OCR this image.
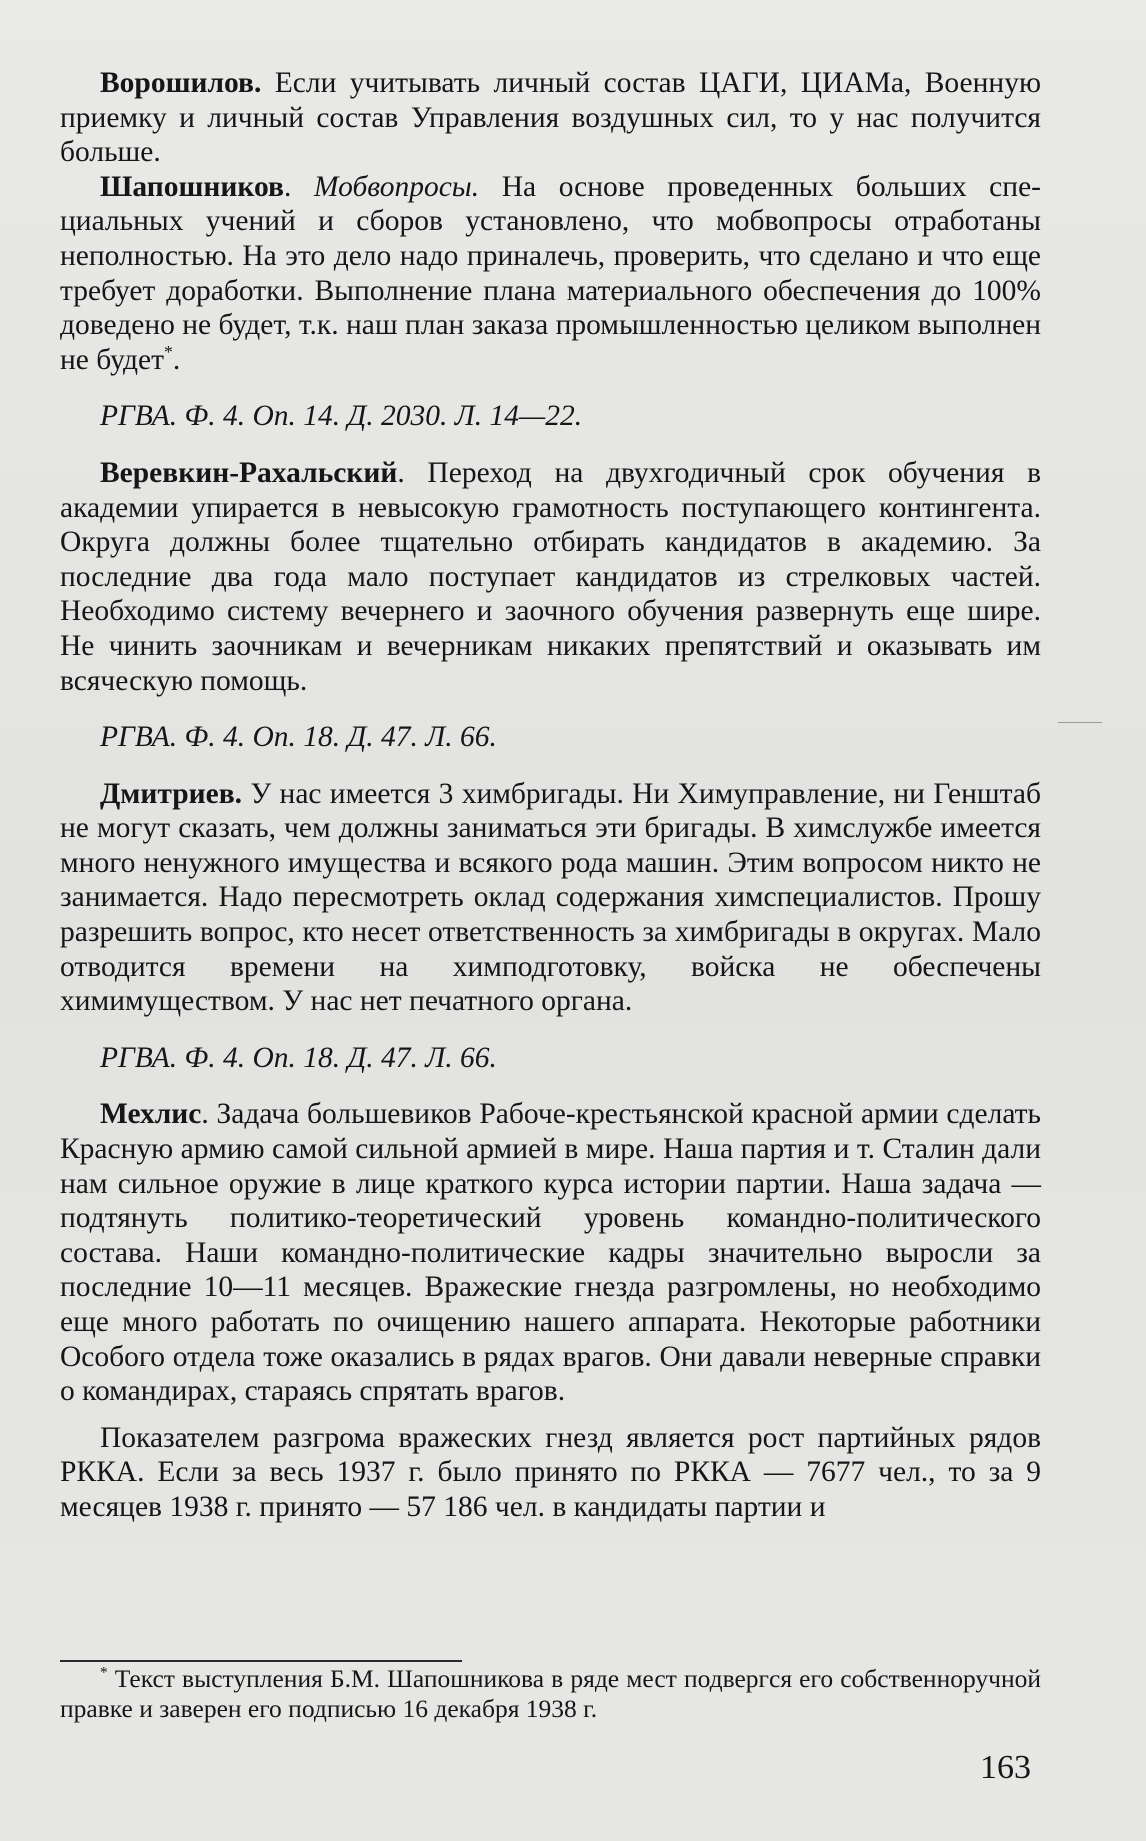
Ворошилов. Если учитывать личный состав ЦАГИ, ЦИАМа, Военную приемку и личный состав Управления воздушных сил, то у нас получится больше.

Шапошников. Мобвопросы. На основе проведенных больших специальных учений и сборов установлено, что мобвопросы отработаны неполностью. На это дело надо приналечь, проверить, что сделано и что еще требует доработки. Выполнение плана материального обеспечения до 100% доведено не будет, т.к. наш план заказа промышленностью целиком выполнен не будет*.

РГВА. Ф. 4. Оп. 14. Д. 2030. Л. 14—22.

Веревкин-Рахальский. Переход на двухгодичный срок обучения в академии упирается в невысокую грамотность поступающего контингента. Округа должны более тщательно отбирать кандидатов в академию. За последние два года мало поступает кандидатов из стрелковых частей. Необходимо систему вечернего и заочного обучения развернуть еще шире. Не чинить заочникам и вечерникам никаких препятствий и оказывать им всяческую помощь.

РГВА. Ф. 4. Оп. 18. Д. 47. Л. 66.

Дмитриев. У нас имеется 3 химбригады. Ни Химуправление, ни Генштаб не могут сказать, чем должны заниматься эти бригады. В химслужбе имеется много ненужного имущества и всякого рода машин. Этим вопросом никто не занимается. Надо пересмотреть оклад содержания химспециалистов. Прошу разрешить вопрос, кто несет ответственность за химбригады в округах. Мало отводится времени на химподготовку, войска не обеспечены химимуществом. У нас нет печатного органа.

РГВА. Ф. 4. Оп. 18. Д. 47. Л. 66.

Мехлис. Задача большевиков Рабоче-крестьянской красной армии сделать Красную армию самой сильной армией в мире. Наша партия и т. Сталин дали нам сильное оружие в лице краткого курса истории партии. Наша задача — подтянуть политико-теоретический уровень командно-политического состава. Наши командно-политические кадры значительно выросли за последние 10—11 месяцев. Вражеские гнезда разгромлены, но необходимо еще много работать по очищению нашего аппарата. Некоторые работники Особого отдела тоже оказались в рядах врагов. Они давали неверные справки о командирах, стараясь спрятать врагов.

Показателем разгрома вражеских гнезд является рост партийных рядов РККА. Если за весь 1937 г. было принято по РККА — 7677 чел., то за 9 месяцев 1938 г. принято — 57 186 чел. в кандидаты партии и

* Текст выступления Б.М. Шапошникова в ряде мест подвергся его собственноручной правке и заверен его подписью 16 декабря 1938 г.

163
